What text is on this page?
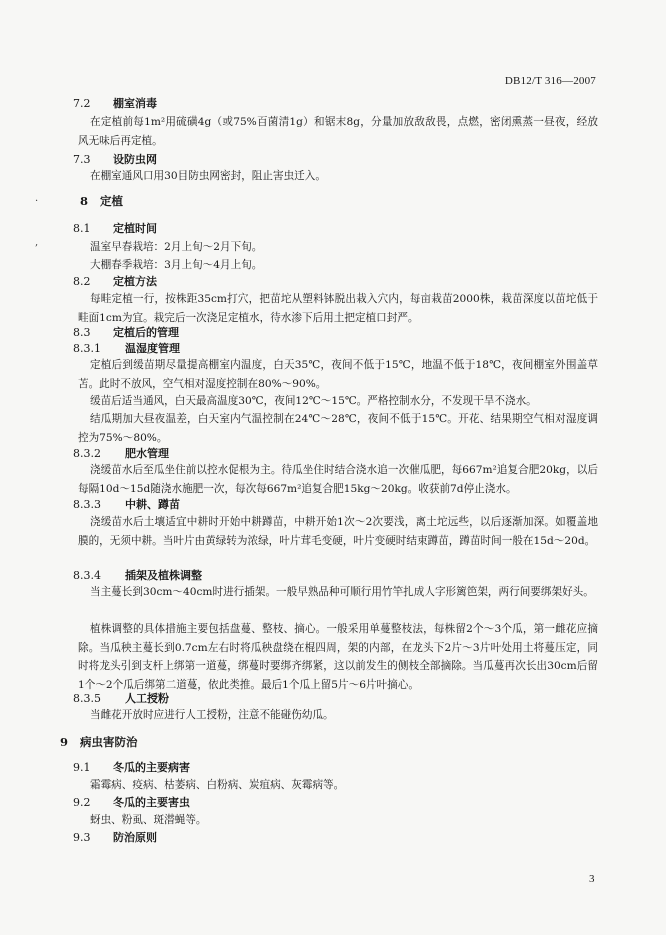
DB12/T 316—2007
7.2 棚室消毒
在定植前每1m²用硫磺4g（或75%百菌清1g）和锯末8g，分量加放敌敌畏，点燃，密闭熏蒸一昼夜，经放风无味后再定植。
7.3 设防虫网
在棚室通风口用30目防虫网密封，阻止害虫迁入。
·	8 定植
,
8.1 定植时间
温室早春栽培：2月上旬～2月下旬。
大棚春季栽培：3月上旬～4月上旬。
8.2 定植方法
每畦定植一行，按株距35cm打穴，把苗坨从塑料钵脱出栽入穴内，每亩栽苗2000株，栽苗深度以苗坨低于畦面1cm为宜。栽完后一次浇足定植水，待水渗下后用土把定植口封严。
8.3 定植后的管理
8.3.1 温湿度管理
定植后到缓苗期尽量提高棚室内温度，白天35℃，夜间不低于15℃，地温不低于18℃，夜间棚室外围盖草苫。此时不放风，空气相对湿度控制在80%～90%。
缓苗后适当通风，白天最高温度30℃，夜间12℃～15℃。严格控制水分，不发现干旱不浇水。
结瓜期加大昼夜温差，白天室内气温控制在24℃～28℃，夜间不低于15℃。开花、结果期空气相对湿度调控为75%～80%。
8.3.2 肥水管理
浇缓苗水后至瓜坐住前以控水促根为主。待瓜坐住时结合浇水追一次催瓜肥，每667m²追复合肥20kg，以后每隔10d～15d随浇水施肥一次，每次每667m²追复合肥15kg～20kg。收获前7d停止浇水。
8.3.3 中耕、蹲苗
浇缓苗水后土壤适宜中耕时开始中耕蹲苗，中耕开始1次～2次要浅，离土坨远些，以后逐渐加深。如覆盖地膜的，无须中耕。当叶片由黄绿转为浓绿，叶片茸毛变硬，叶片变硬时结束蹲苗，蹲苗时间一般在15d～20d。
8.3.4 插架及植株调整
当主蔓长到30cm～40cm时进行插架。一般早熟品种可顺行用竹竿扎成人字形篱笆架，两行间要绑架好头。
植株调整的具体措施主要包括盘蔓、整枝、摘心。一般采用单蔓整枝法，每株留2个～3个瓜，第一雌花应摘除。当瓜秧主蔓长到0.7cm左右时将瓜秧盘绕在棍四周，架的内部，在龙头下2片～3片叶处用土将蔓压定，同时将龙头引到支杆上绑第一道蔓，绑蔓时要绑齐绑紧，这以前发生的侧枝全部摘除。当瓜蔓再次长出30cm后留1个～2个瓜后绑第二道蔓，依此类推。最后1个瓜上留5片～6片叶摘心。
8.3.5 人工授粉
当雌花开放时应进行人工授粉，注意不能碰伤幼瓜。
9 病虫害防治
9.1 冬瓜的主要病害
霜霉病、疫病、枯萎病、白粉病、炭疽病、灰霉病等。
9.2 冬瓜的主要害虫
蚜虫、粉虱、斑潜蝇等。
9.3 防治原则
3
